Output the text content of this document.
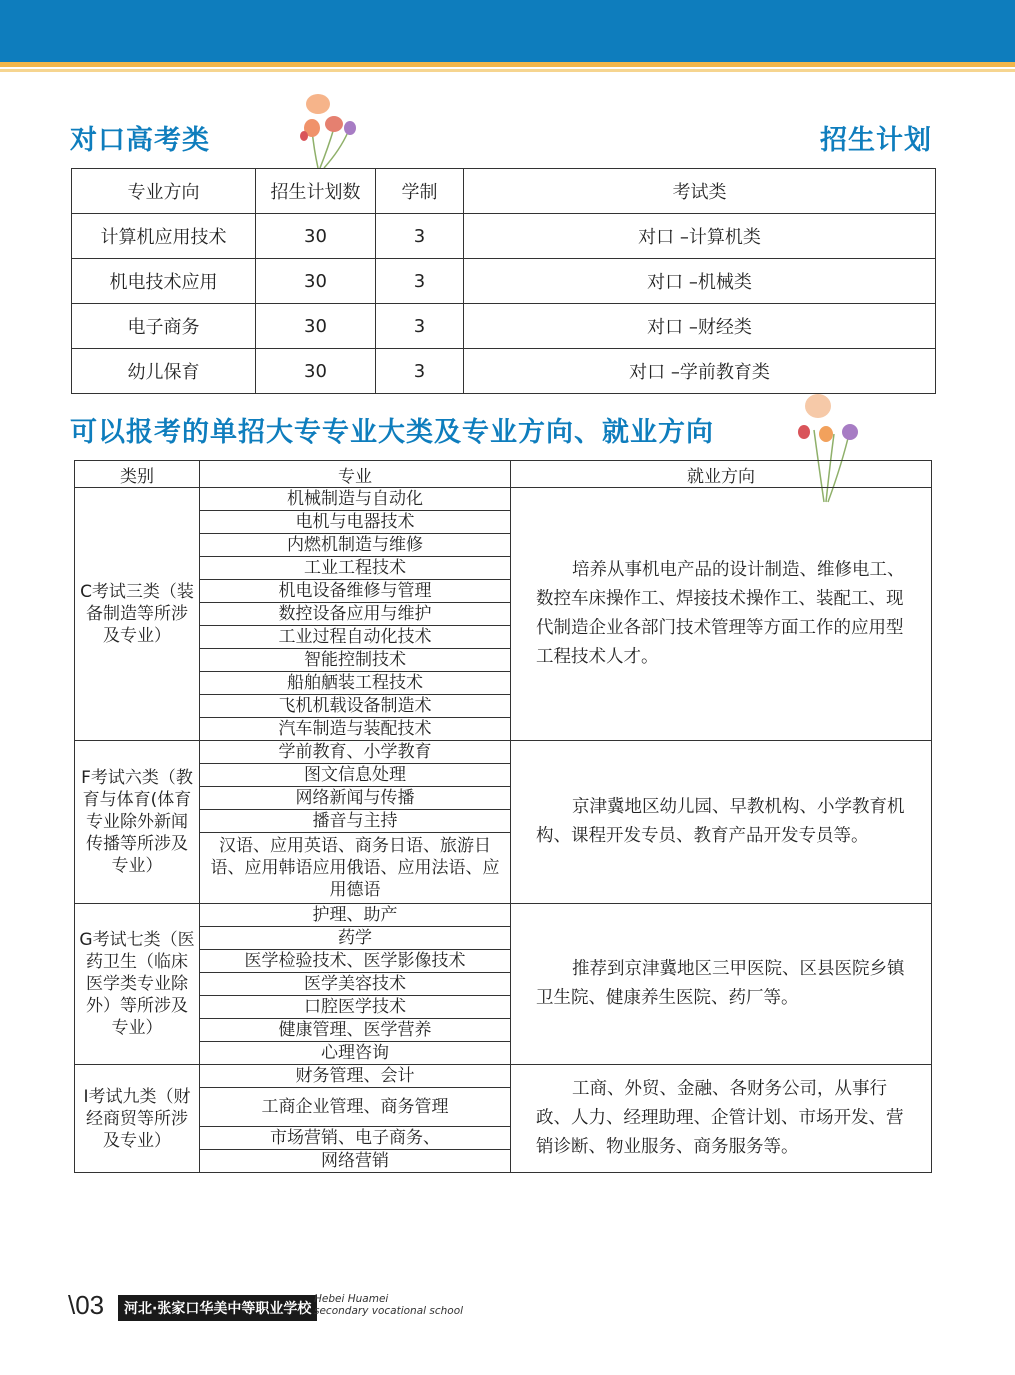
对口高考类	招生计划
专业方向	招生计划数	学制	考试类
计算机应用技术	30	3	对口 –计算机类
机电技术应用	30	3	对口 –机械类
电子商务	30	3	对口 –财经类
幼儿保育	30	3	对口 –学前教育类
可以报考的单招大专专业大类及专业方向、就业方向
类别	专业	就业方向
C考试三类（装备制造等所涉及专业）	机械制造与自动化	培养从事机电产品的设计制造、维修电工、数控车床操作工、焊接技术操作工、装配工、现代制造企业各部门技术管理等方面工作的应用型工程技术人才。
	电机与电器技术	
	内燃机制造与维修	
	工业工程技术	
	机电设备维修与管理	
	数控设备应用与维护	
	工业过程自动化技术	
	智能控制技术	
	船舶舾装工程技术	
	飞机机载设备制造术	
	汽车制造与装配技术	
F考试六类（教育与体育(体育专业除外新闻传播等所涉及专业）	学前教育、小学教育	京津冀地区幼儿园、早教机构、小学教育机构、课程开发专员、教育产品开发专员等。
	图文信息处理	
	网络新闻与传播	
	播音与主持	
	汉语、应用英语、商务日语、旅游日语、应用韩语应用俄语、应用法语、应用德语	
G考试七类（医药卫生（临床医学类专业除外）等所涉及专业）	护理、助产	推荐到京津冀地区三甲医院、区县医院乡镇卫生院、健康养生医院、药厂等。
	药学	
	医学检验技术、医学影像技术	
	医学美容技术	
	口腔医学技术	
	健康管理、医学营养	
	心理咨询	
I考试九类（财经商贸等所涉及专业）	财务管理、会计	工商、外贸、金融、各财务公司，从事行政、人力、经理助理、企管计划、市场开发、营销诊断、物业服务、商务服务等。
	工商企业管理、商务管理	
	市场营销、电子商务、	
	网络营销	
\03	河北·张家口华美中等职业学校
Hebei Huamei
secondary vocational school
